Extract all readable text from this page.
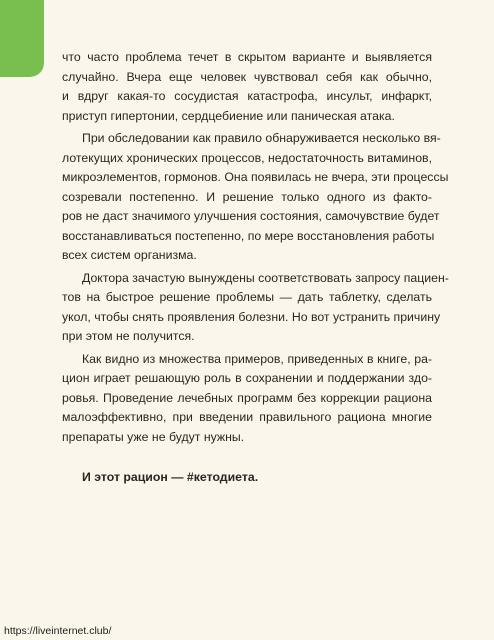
что часто проблема течет в скрытом варианте и выявляется
случайно. Вчера еще человек чувствовал себя как обычно,
и вдруг какая-то сосудистая катастрофа, инсульт, инфаркт,
приступ гипертонии, сердцебиение или паническая атака.

При обследовании как правило обнаруживается несколько вя-
лотекущих хронических процессов, недостаточность витаминов,
микроэлементов, гормонов. Она появилась не вчера, эти процессы
созревали постепенно. И решение только одного из факто-
ров не даст значимого улучшения состояния, самочувствие будет
восстанавливаться постепенно, по мере восстановления работы
всех систем организма.

Доктора зачастую вынуждены соответствовать запросу пациен-
тов на быстрое решение проблемы — дать таблетку, сделать
укол, чтобы снять проявления болезни. Но вот устранить причину
при этом не получится.

Как видно из множества примеров, приведенных в книге, ра-
цион играет решающую роль в сохранении и поддержании здо-
ровья. Проведение лечебных программ без коррекции рациона
малоэффективно, при введении правильного рациона многие
препараты уже не будут нужны.

И этот рацион — #кетодиета.

https://liveinternet.club/
